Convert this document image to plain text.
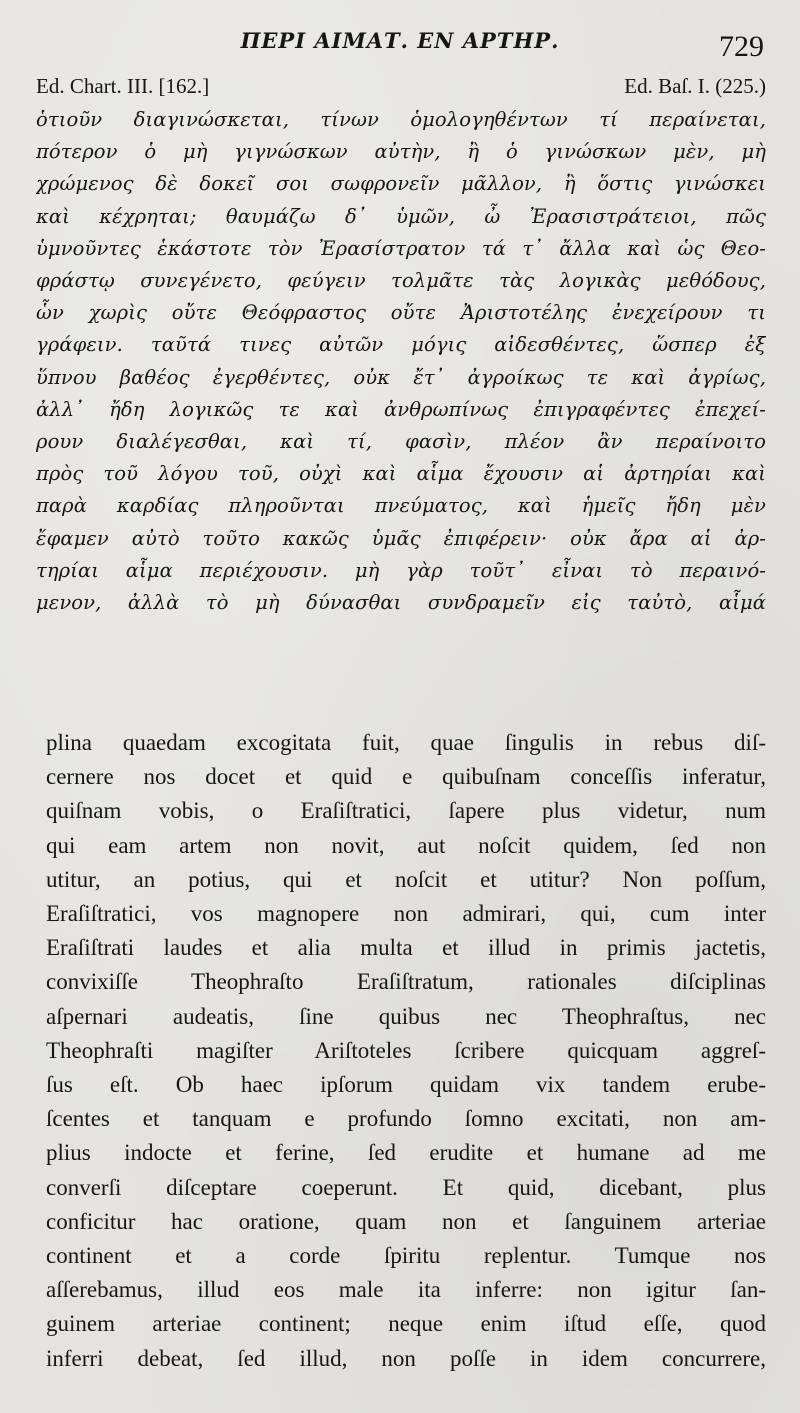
ΠΕΡΙ ΑΙΜΑΤ. ΕΝ ΑΡΤΗΡ.	729
Ed. Chart. III. [162.]	Ed. Baſ. I. (225.)
ὁτιοῦν διαγινώσκεται, τίνων ὁμολογηθέντων τί περαίνεται,
πότερον ὁ μὴ γιγνώσκων αὐτὴν, ἢ ὁ γινώσκων μὲν, μὴ
χρώμενος δὲ δοκεῖ σοι σωφρονεῖν μᾶλλον, ἢ ὅστις γινώσκει
καὶ κέχρηται; θαυμάζω δ᾽ ὑμῶν, ὦ Ἐρασιστράτειοι, πῶς
ὑμνοῦντες ἑκάστοτε τὸν Ἐρασίστρατον τά τ᾽ ἄλλα καὶ ὡς Θεο-
φράστῳ συνεγένετο, φεύγειν τολμᾶτε τὰς λογικὰς μεθόδους,
ὧν χωρὶς οὔτε Θεόφραστος οὔτε Ἀριστοτέλης ἐνεχείρουν τι
γράφειν. ταῦτά τινες αὐτῶν μόγις αἰδεσθέντες, ὥσπερ ἐξ
ὕπνου βαθέος ἐγερθέντες, οὐκ ἔτ᾽ ἀγροίκως τε καὶ ἀγρίως,
ἀλλ᾽ ἤδη λογικῶς τε καὶ ἀνθρωπίνως ἐπιγραφέντες ἐπεχεί-
ρουν διαλέγεσθαι, καὶ τί, φασὶν, πλέον ἂν περαίνοιτο
πρὸς τοῦ λόγου τοῦ, οὐχὶ καὶ αἷμα ἔχουσιν αἱ ἀρτηρίαι καὶ
παρὰ καρδίας πληροῦνται πνεύματος, καὶ ἡμεῖς ἤδη μὲν
ἔφαμεν αὐτὸ τοῦτο κακῶς ὑμᾶς ἐπιφέρειν· οὐκ ἄρα αἱ ἀρ-
τηρίαι αἷμα περιέχουσιν. μὴ γὰρ τοῦτ᾽ εἶναι τὸ περαινό-
μενον, ἀλλὰ τὸ μὴ δύνασθαι συνδραμεῖν εἰς ταὐτὸ, αἷμά
plina quaedam excogitata fuit, quae ſingulis in rebus diſ-
cernere nos docet et quid e quibuſnam conceſſis inferatur,
quiſnam vobis, o Eraſiſtratici, ſapere plus videtur, num
qui eam artem non novit, aut noſcit quidem, ſed non
utitur, an potius, qui et noſcit et utitur? Non poſſum,
Eraſiſtratici, vos magnopere non admirari, qui, cum inter
Eraſiſtrati laudes et alia multa et illud in primis jactetis,
convixiſſe Theophraſto Eraſiſtratum, rationales diſciplinas
aſpernari audeatis, ſine quibus nec Theophraſtus, nec
Theophraſti magiſter Ariſtoteles ſcribere quicquam aggreſ-
ſus eſt. Ob haec ipſorum quidam vix tandem erube-
ſcentes et tanquam e profundo ſomno excitati, non am-
plius indocte et ferine, ſed erudite et humane ad me
converſi diſceptare coeperunt. Et quid, dicebant, plus
conficitur hac oratione, quam non et ſanguinem arteriae
continent et a corde ſpiritu replentur. Tumque nos
aſſerebamus, illud eos male ita inferre: non igitur ſan-
guinem arteriae continent; neque enim iſtud eſſe, quod
inferri debeat, ſed illud, non poſſe in idem concurrere,
